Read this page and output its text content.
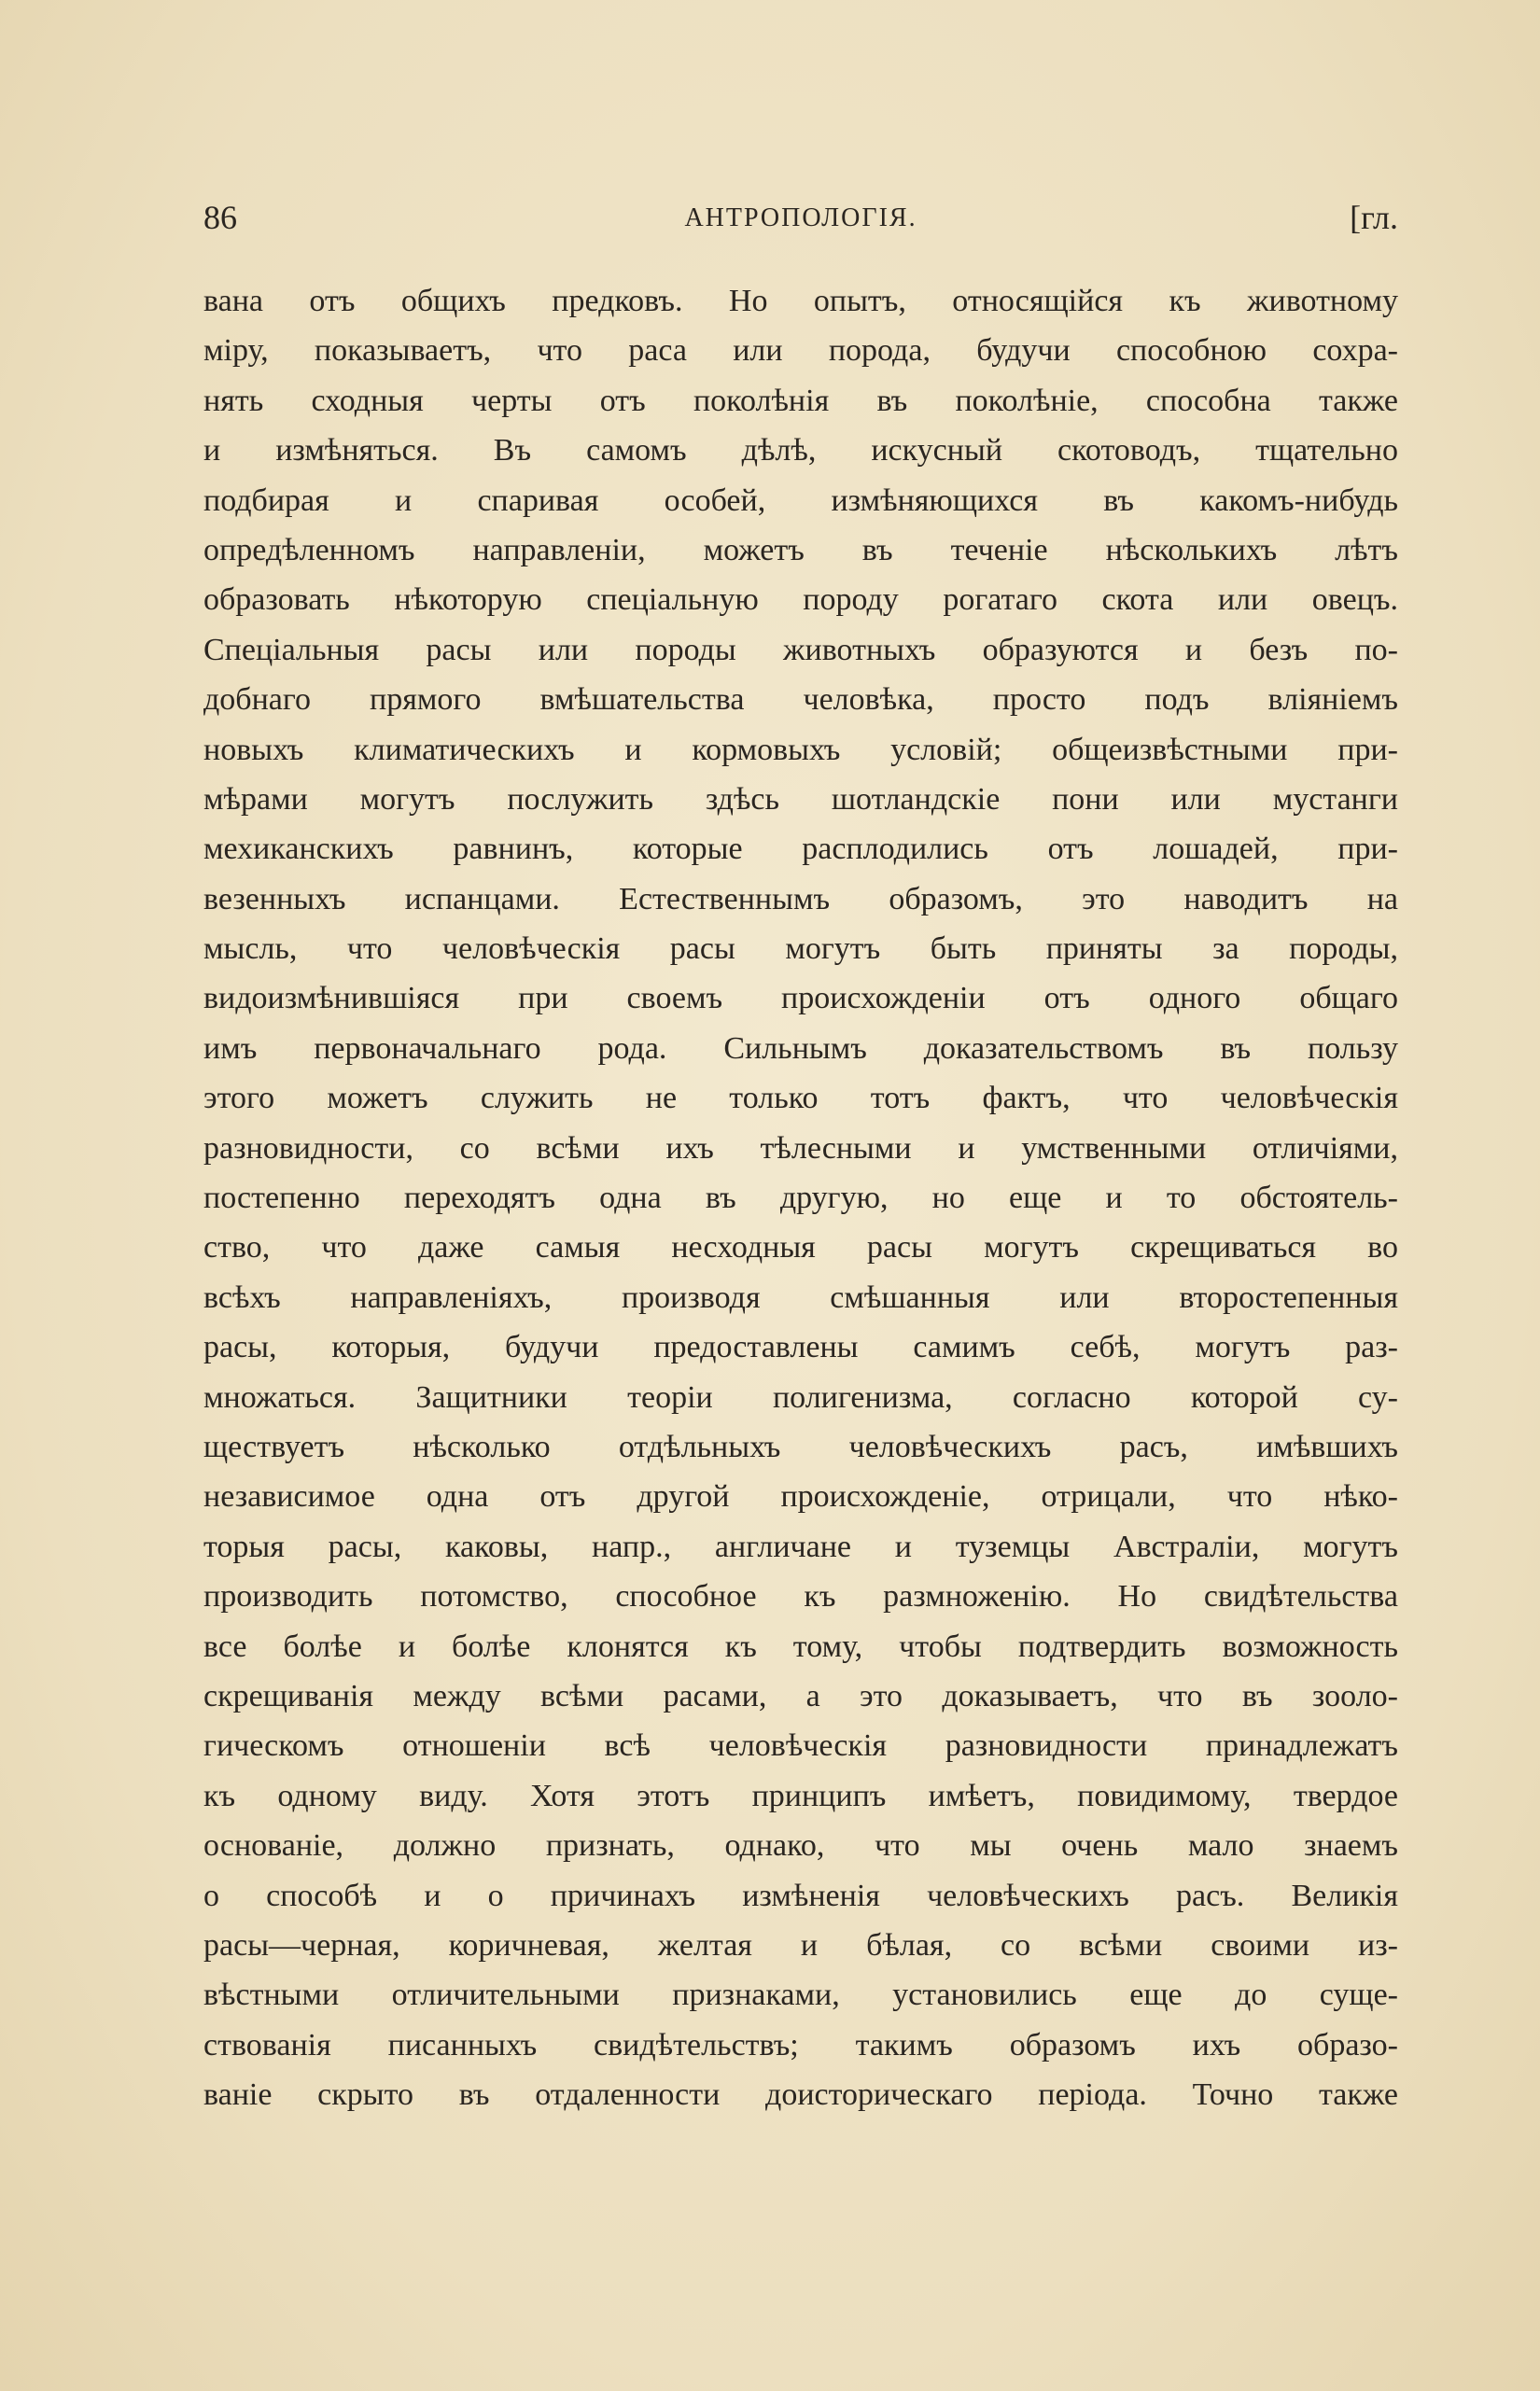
86	АНТРОПОЛОГІЯ.	[гл.
вана отъ общихъ предковъ. Но опытъ, относящійся къ животному
міру, показываетъ, что раса или порода, будучи способною сохра-
нять сходныя черты отъ поколѣнія въ поколѣніе, способна также
и измѣняться. Въ самомъ дѣлѣ, искусный скотоводъ, тщательно
подбирая и спаривая особей, измѣняющихся въ какомъ-нибудь
опредѣленномъ направленіи, можетъ въ теченіе нѣсколькихъ лѣтъ
образовать нѣкоторую спеціальную породу рогатаго скота или овецъ.
Спеціальныя расы или породы животныхъ образуются и безъ по-
добнаго прямого вмѣшательства человѣка, просто подъ вліяніемъ
новыхъ климатическихъ и кормовыхъ условій; общеизвѣстными при-
мѣрами могутъ послужить здѣсь шотландскіе пони или мустанги
мехиканскихъ равнинъ, которые расплодились отъ лошадей, при-
везенныхъ испанцами. Естественнымъ образомъ, это наводитъ на
мысль, что человѣческія расы могутъ быть приняты за породы,
видоизмѣнившіяся при своемъ происхожденіи отъ одного общаго
имъ первоначальнаго рода. Сильнымъ доказательствомъ въ пользу
этого можетъ служить не только тотъ фактъ, что человѣческія
разновидности, со всѣми ихъ тѣлесными и умственными отличіями,
постепенно переходятъ одна въ другую, но еще и то обстоятель-
ство, что даже самыя несходныя расы могутъ скрещиваться во
всѣхъ направленіяхъ, производя смѣшанныя или второстепенныя
расы, которыя, будучи предоставлены самимъ себѣ, могутъ раз-
множаться. Защитники теоріи полигенизма, согласно которой су-
ществуетъ нѣсколько отдѣльныхъ человѣческихъ расъ, имѣвшихъ
независимое одна отъ другой происхожденіе, отрицали, что нѣко-
торыя расы, каковы, напр., англичане и туземцы Австраліи, могутъ
производить потомство, способное къ размноженію. Но свидѣтельства
все болѣе и болѣе клонятся къ тому, чтобы подтвердить возможность
скрещиванія между всѣми расами, а это доказываетъ, что въ зооло-
гическомъ отношеніи всѣ человѣческія разновидности принадлежатъ
къ одному виду. Хотя этотъ принципъ имѣетъ, повидимому, твердое
основаніе, должно признать, однако, что мы очень мало знаемъ
о способѣ и о причинахъ измѣненія человѣческихъ расъ. Великія
расы—черная, коричневая, желтая и бѣлая, со всѣми своими из-
вѣстными отличительными признаками, установились еще до суще-
ствованія писанныхъ свидѣтельствъ; такимъ образомъ ихъ образо-
ваніе скрыто въ отдаленности доисторическаго періода. Точно также
